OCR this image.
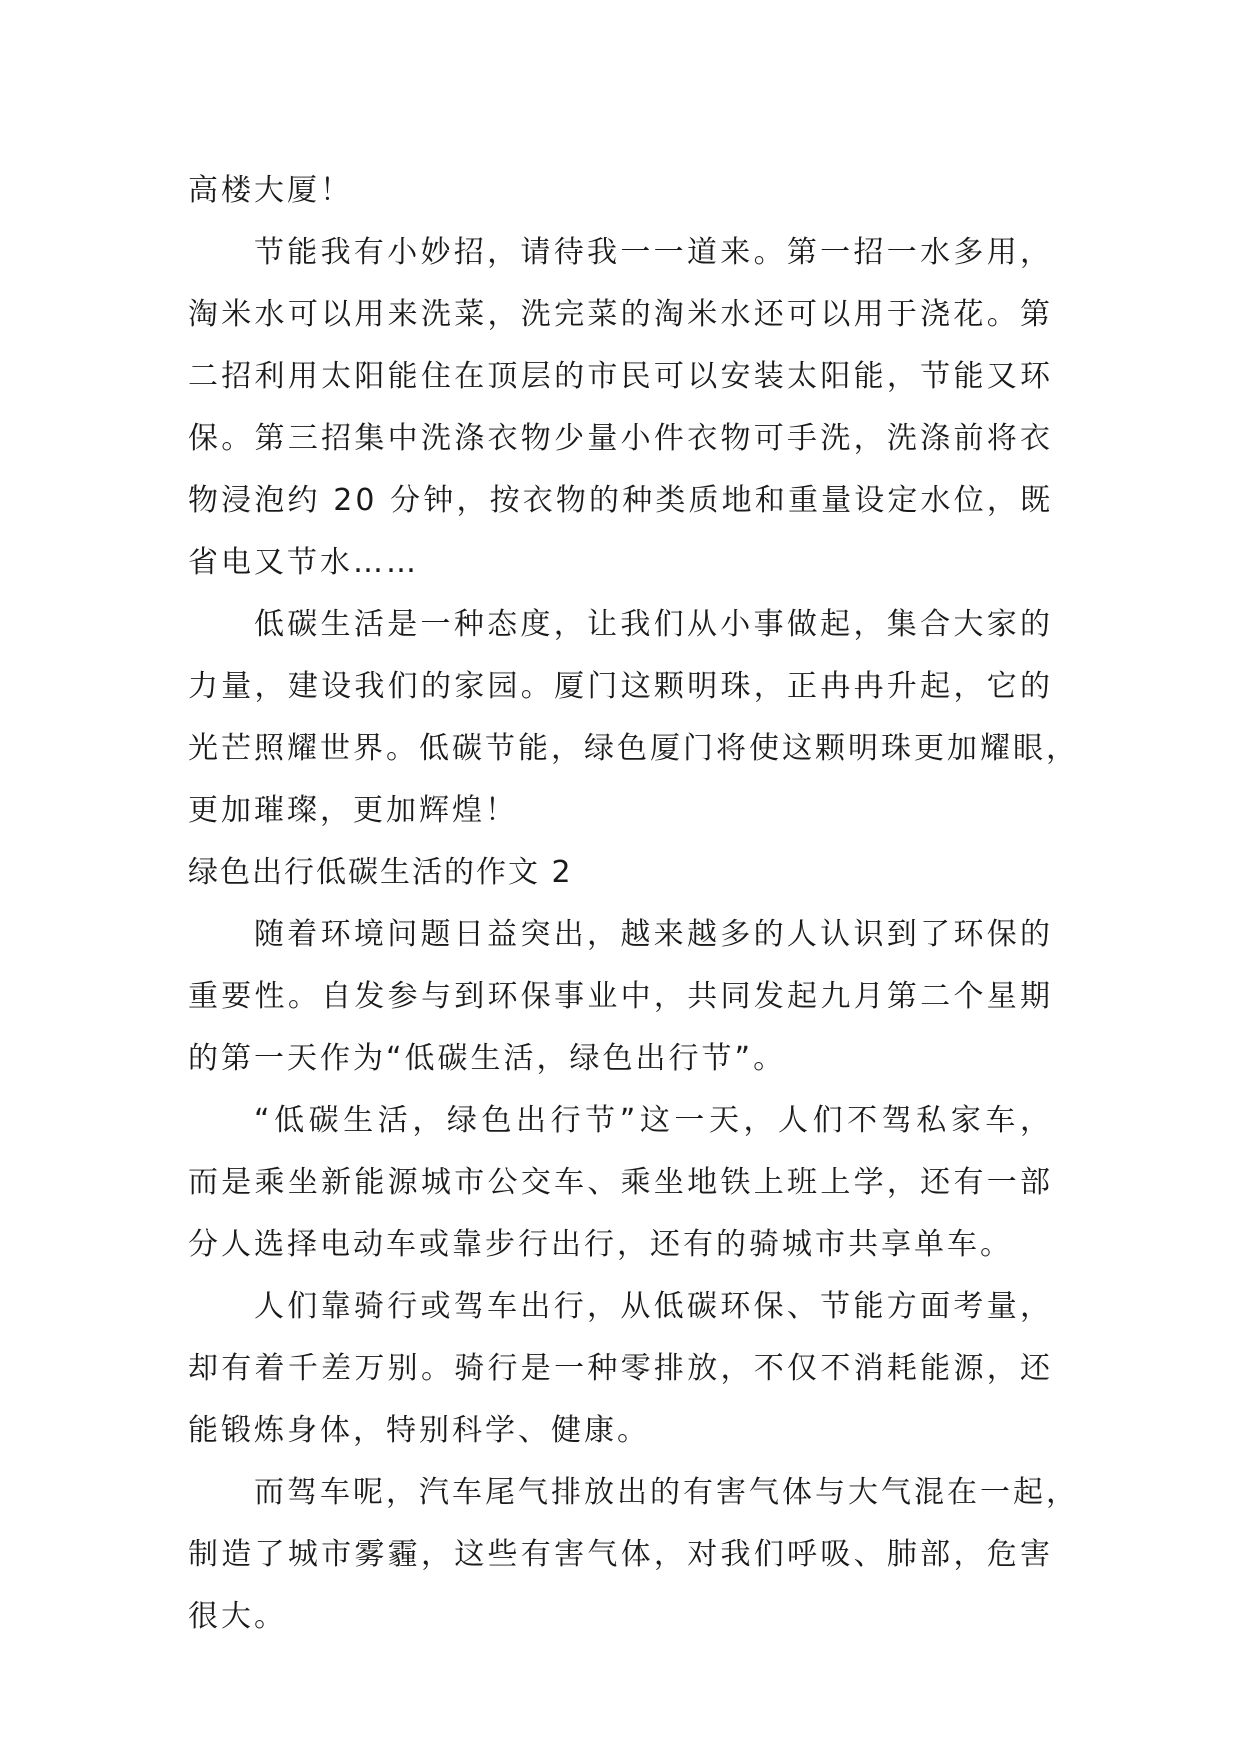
高楼大厦！
节能我有小妙招，请待我一一道来。第一招一水多用，
淘米水可以用来洗菜，洗完菜的淘米水还可以用于浇花。第
二招利用太阳能住在顶层的市民可以安装太阳能，节能又环
保。第三招集中洗涤衣物少量小件衣物可手洗，洗涤前将衣
物浸泡约 20 分钟，按衣物的种类质地和重量设定水位，既
省电又节水……
低碳生活是一种态度，让我们从小事做起，集合大家的
力量，建设我们的家园。厦门这颗明珠，正冉冉升起，它的
光芒照耀世界。低碳节能，绿色厦门将使这颗明珠更加耀眼，
更加璀璨，更加辉煌！
绿色出行低碳生活的作文 2
随着环境问题日益突出，越来越多的人认识到了环保的
重要性。自发参与到环保事业中，共同发起九月第二个星期
的第一天作为“低碳生活，绿色出行节”。
“低碳生活，绿色出行节”这一天，人们不驾私家车，
而是乘坐新能源城市公交车、乘坐地铁上班上学，还有一部
分人选择电动车或靠步行出行，还有的骑城市共享单车。
人们靠骑行或驾车出行，从低碳环保、节能方面考量，
却有着千差万别。骑行是一种零排放，不仅不消耗能源，还
能锻炼身体，特别科学、健康。
而驾车呢，汽车尾气排放出的有害气体与大气混在一起，
制造了城市雾霾，这些有害气体，对我们呼吸、肺部，危害
很大。
